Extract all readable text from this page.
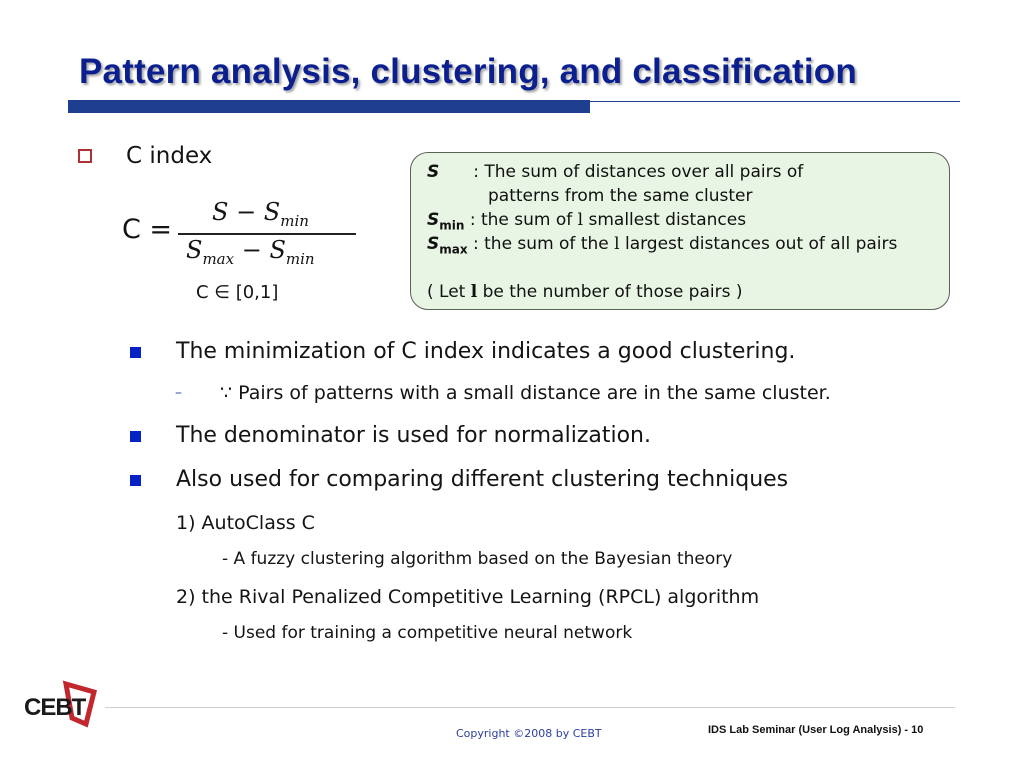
Pattern analysis, clustering, and classification
C index
C =
$S - S_{min}$
$S_{max} - S_{min}$
C ∈ [0,1]
S : The sum of distances over all pairs of
patterns from the same cluster
$S_{min}$ : the sum of l smallest distances
$S_{max}$ : the sum of the l largest distances out of all pairs
( Let l be the number of those pairs )
The minimization of C index indicates a good clustering.
– ∵ Pairs of patterns with a small distance are in the same cluster.
The denominator is used for normalization.
Also used for comparing different clustering techniques
1) AutoClass C
- A fuzzy clustering algorithm based on the Bayesian theory
2) the Rival Penalized Competitive Learning (RPCL) algorithm
- Used for training a competitive neural network
CEBT
Copyright ©2008 by CEBT	IDS Lab Seminar (User Log Analysis) - 10
